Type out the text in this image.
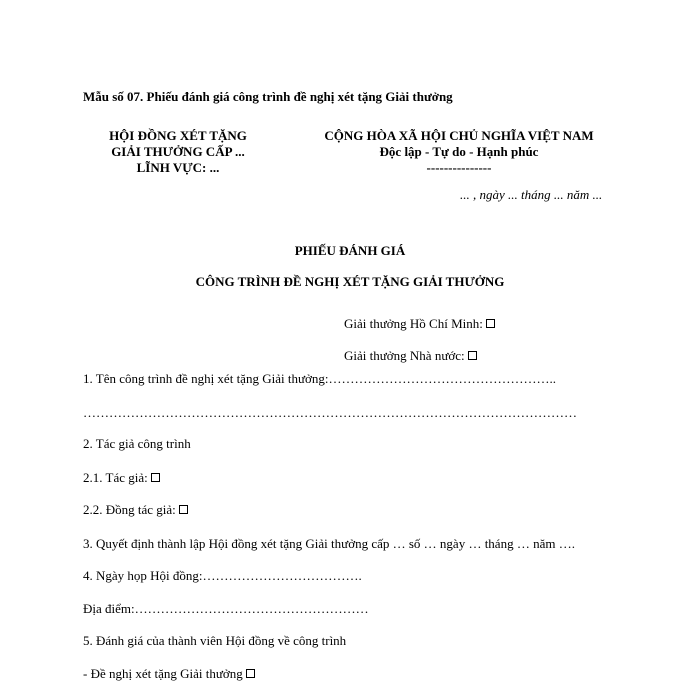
Mẫu số 07. Phiếu đánh giá công trình đề nghị xét tặng Giải thưởng
HỘI ĐỒNG XÉT TẶNG
GIẢI THƯỞNG CẤP ...
LĨNH VỰC: ...
CỘNG HÒA XÃ HỘI CHỦ NGHĨA VIỆT NAM
Độc lập - Tự do - Hạnh phúc
---------------
... , ngày ... tháng ... năm ...
PHIẾU ĐÁNH GIÁ
CÔNG TRÌNH ĐỀ NGHỊ XÉT TẶNG GIẢI THƯỞNG
Giải thưởng Hồ Chí Minh:
Giải thưởng Nhà nước:
1. Tên công trình đề nghị xét tặng Giải thưởng:……………………………………………..
……………………………………………………………………………………………………
2. Tác giả công trình
2.1. Tác giả:
2.2. Đồng tác giả:
3. Quyết định thành lập Hội đồng xét tặng Giải thưởng cấp … số … ngày … tháng … năm ….
4. Ngày họp Hội đồng:……………………………….
Địa điểm:………………………………………………
5. Đánh giá của thành viên Hội đồng về công trình
- Đề nghị xét tặng Giải thưởng
